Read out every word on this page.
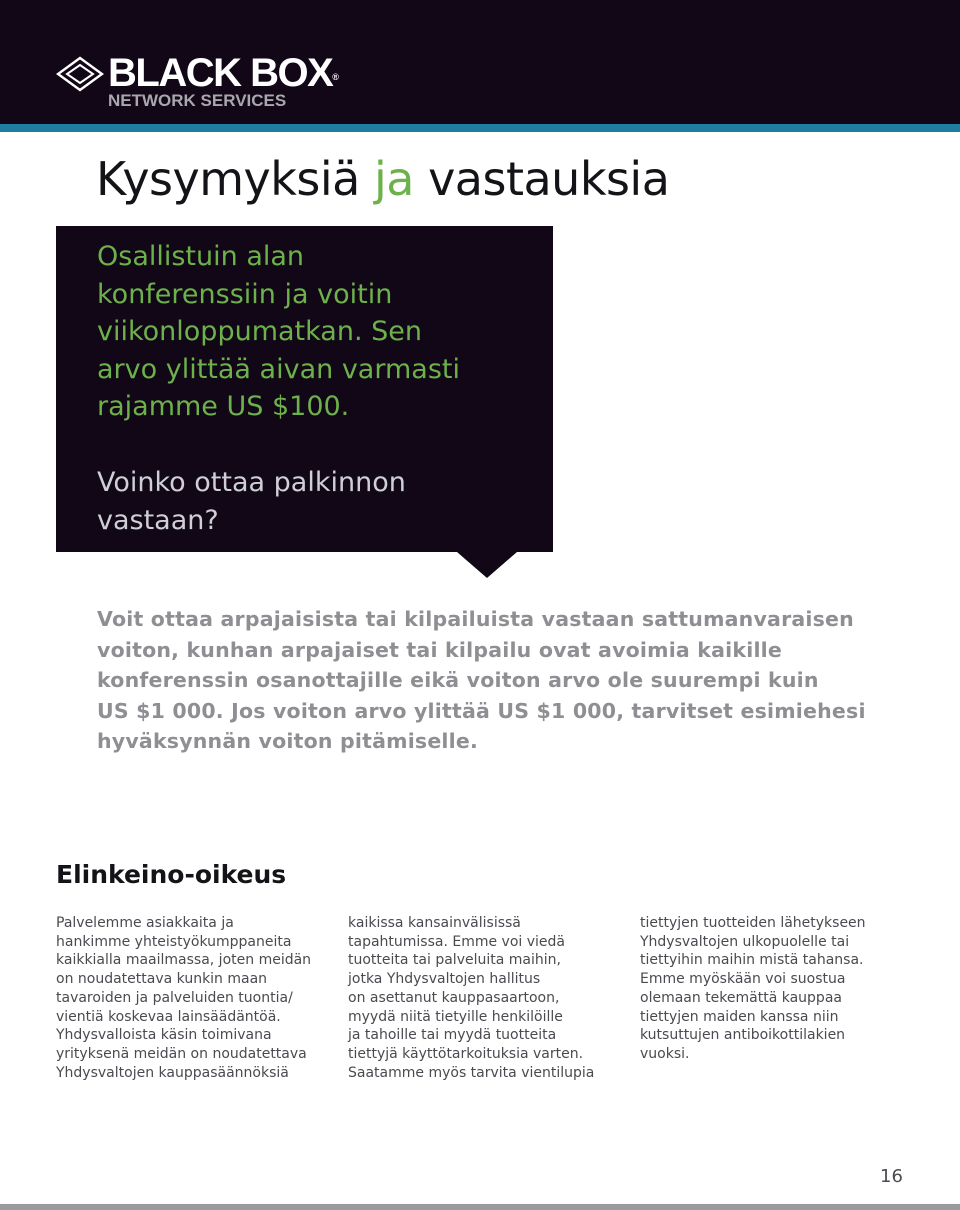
BLACK BOX®
NETWORK SERVICES
Kysymyksiä ja vastauksia

Osallistuin alan
konferenssiin ja voitin
viikonloppumatkan. Sen
arvo ylittää aivan varmasti
rajamme US $100.

Voinko ottaa palkinnon
vastaan?

Voit ottaa arpajaisista tai kilpailuista vastaan sattumanvaraisen
voiton, kunhan arpajaiset tai kilpailu ovat avoimia kaikille
konferenssin osanottajille eikä voiton arvo ole suurempi kuin
US $1 000. Jos voiton arvo ylittää US $1 000, tarvitset esimiehesi
hyväksynnän voiton pitämiselle.

Elinkeino-oikeus

Palvelemme asiakkaita ja
hankimme yhteistyökumppaneita
kaikkialla maailmassa, joten meidän
on noudatettava kunkin maan
tavaroiden ja palveluiden tuontia/
vientiä koskevaa lainsäädäntöä.
Yhdysvalloista käsin toimivana
yrityksenä meidän on noudatettava
Yhdysvaltojen kauppasäännöksiä

kaikissa kansainvälisissä
tapahtumissa. Emme voi viedä
tuotteita tai palveluita maihin,
jotka Yhdysvaltojen hallitus
on asettanut kauppasaartoon,
myydä niitä tietyille henkilöille
ja tahoille tai myydä tuotteita
tiettyjä käyttötarkoituksia varten.
Saatamme myös tarvita vientilupia

tiettyjen tuotteiden lähetykseen
Yhdysvaltojen ulkopuolelle tai
tiettyihin maihin mistä tahansa.
Emme myöskään voi suostua
olemaan tekemättä kauppaa
tiettyjen maiden kanssa niin
kutsuttujen antiboikottilakien
vuoksi.

16
